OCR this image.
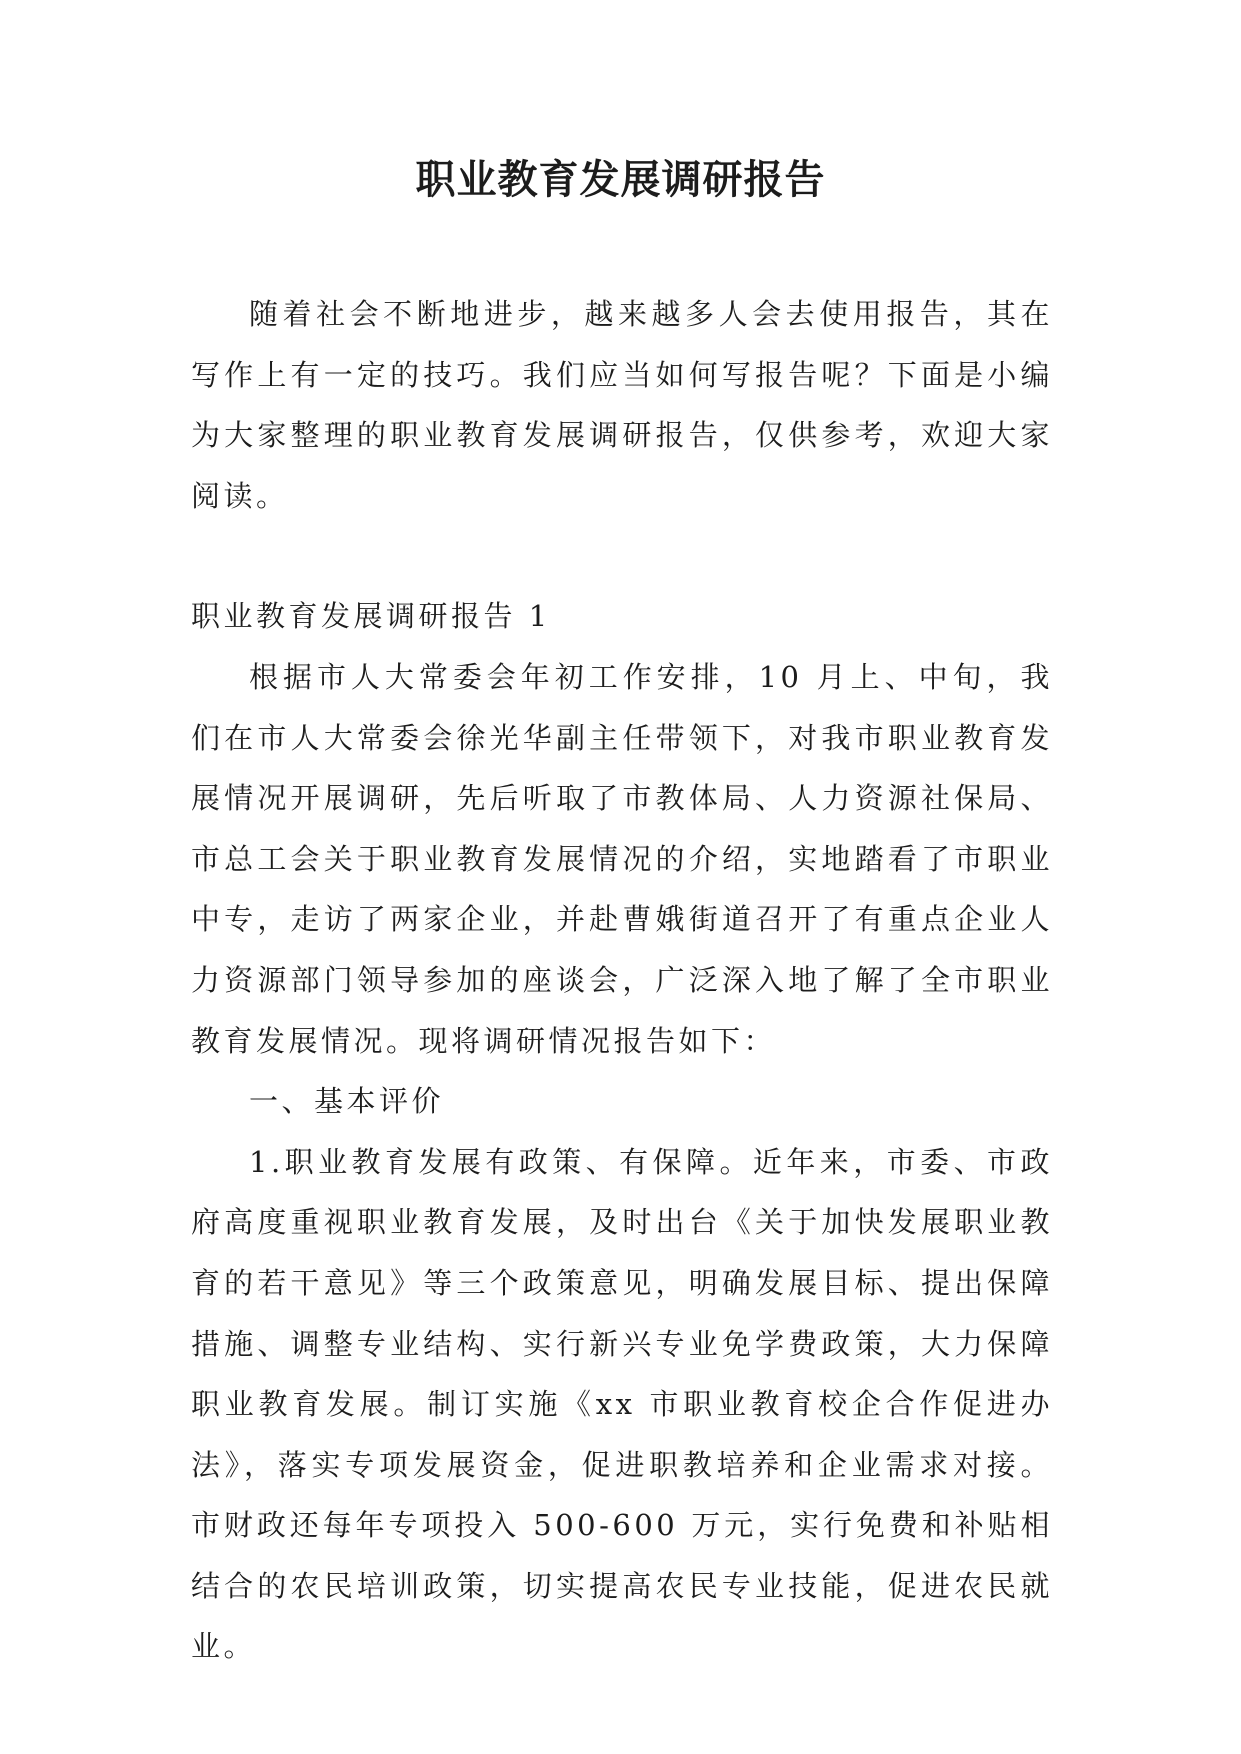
职业教育发展调研报告

随着社会不断地进步，越来越多人会去使用报告，其在写作上有一定的技巧。我们应当如何写报告呢？下面是小编为大家整理的职业教育发展调研报告，仅供参考，欢迎大家阅读。

职业教育发展调研报告 1

根据市人大常委会年初工作安排，10 月上、中旬，我们在市人大常委会徐光华副主任带领下，对我市职业教育发展情况开展调研，先后听取了市教体局、人力资源社保局、市总工会关于职业教育发展情况的介绍，实地踏看了市职业中专，走访了两家企业，并赴曹娥街道召开了有重点企业人力资源部门领导参加的座谈会，广泛深入地了解了全市职业教育发展情况。现将调研情况报告如下：

一、基本评价

1.职业教育发展有政策、有保障。近年来，市委、市政府高度重视职业教育发展，及时出台《关于加快发展职业教育的若干意见》等三个政策意见，明确发展目标、提出保障措施、调整专业结构、实行新兴专业免学费政策，大力保障职业教育发展。制订实施《xx 市职业教育校企合作促进办法》，落实专项发展资金，促进职教培养和企业需求对接。市财政还每年专项投入 500-600 万元，实行免费和补贴相结合的农民培训政策，切实提高农民专业技能，促进农民就业。
